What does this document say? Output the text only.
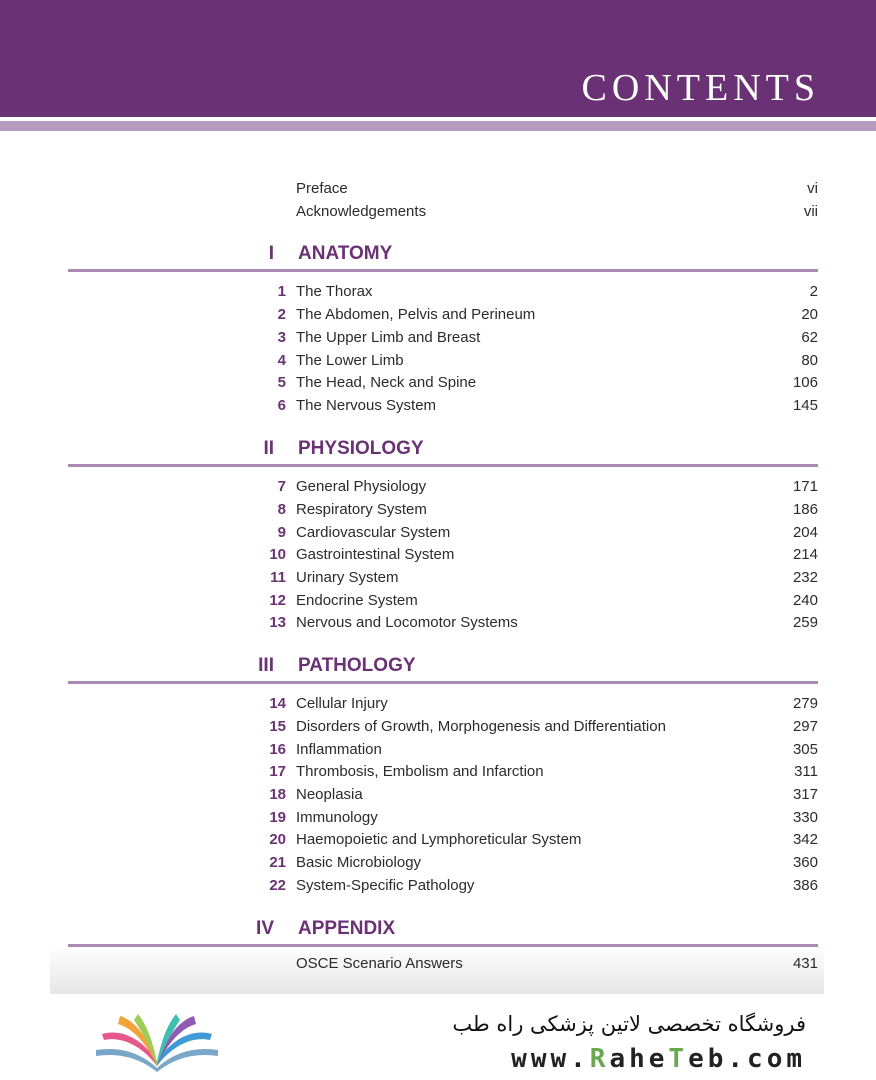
CONTENTS
Preface	vi
Acknowledgements	vii
I ANATOMY
1 The Thorax	2
2 The Abdomen, Pelvis and Perineum	20
3 The Upper Limb and Breast	62
4 The Lower Limb	80
5 The Head, Neck and Spine	106
6 The Nervous System	145
II PHYSIOLOGY
7 General Physiology	171
8 Respiratory System	186
9 Cardiovascular System	204
10 Gastrointestinal System	214
11 Urinary System	232
12 Endocrine System	240
13 Nervous and Locomotor Systems	259
III PATHOLOGY
14 Cellular Injury	279
15 Disorders of Growth, Morphogenesis and Differentiation	297
16 Inflammation	305
17 Thrombosis, Embolism and Infarction	311
18 Neoplasia	317
19 Immunology	330
20 Haemopoietic and Lymphoreticular System	342
21 Basic Microbiology	360
22 System-Specific Pathology	386
IV APPENDIX
OSCE Scenario Answers	431
فروشگاه تخصصی لاتین پزشکی راه طب
www.RaheTeb.com
